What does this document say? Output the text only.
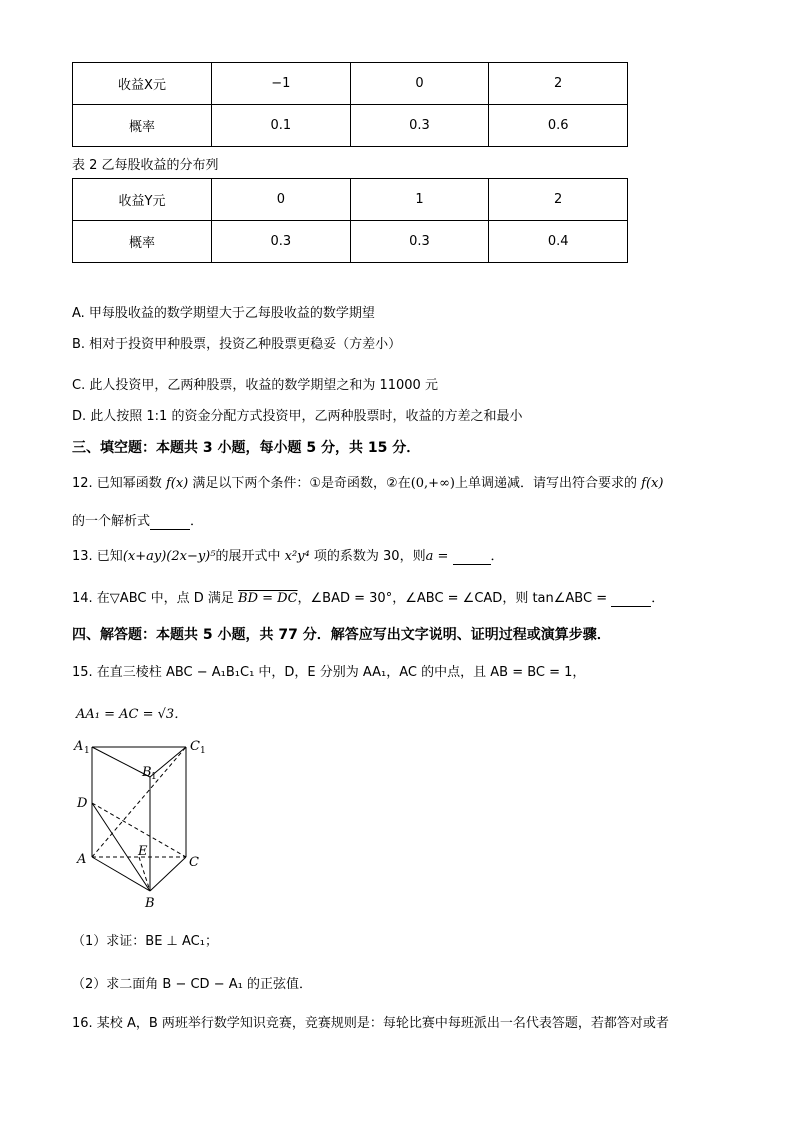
收益X元	−1	0	2
概率	0.1	0.3	0.6
表 2 乙每股收益的分布列
收益Y元	0	1	2
概率	0.3	0.3	0.4
A. 甲每股收益的数学期望大于乙每股收益的数学期望
B. 相对于投资甲种股票，投资乙种股票更稳妥（方差小）
C. 此人投资甲，乙两种股票，收益的数学期望之和为 11000 元
D. 此人按照 1:1 的资金分配方式投资甲，乙两种股票时，收益的方差之和最小
三、填空题：本题共 3 小题，每小题 5 分，共 15 分．
12. 已知幂函数 f(x) 满足以下两个条件：①是奇函数，②在(0,+∞)上单调递减．请写出符合要求的 f(x)
的一个解析式	．
13. 已知(x+ay)(2x−y)⁵的展开式中 x²y⁴ 项的系数为 30，则a =	．
14. 在▽ABC 中，点 D 满足 BD = DC，∠BAD = 30°，∠ABC = ∠CAD，则 tan∠ABC =	．
四、解答题：本题共 5 小题，共 77 分．解答应写出文字说明、证明过程或演算步骤．
15. 在直三棱柱 ABC − A₁B₁C₁ 中，D，E 分别为 AA₁，AC 的中点，且 AB = BC = 1，
AA₁ = AC = √3．
A 1	C 1
B 1
D
A
E
C
B
（1）求证：BE ⊥ AC₁；
（2）求二面角 B − CD − A₁ 的正弦值．
16. 某校 A，B 两班举行数学知识竞赛，竞赛规则是：每轮比赛中每班派出一名代表答题，若都答对或者
